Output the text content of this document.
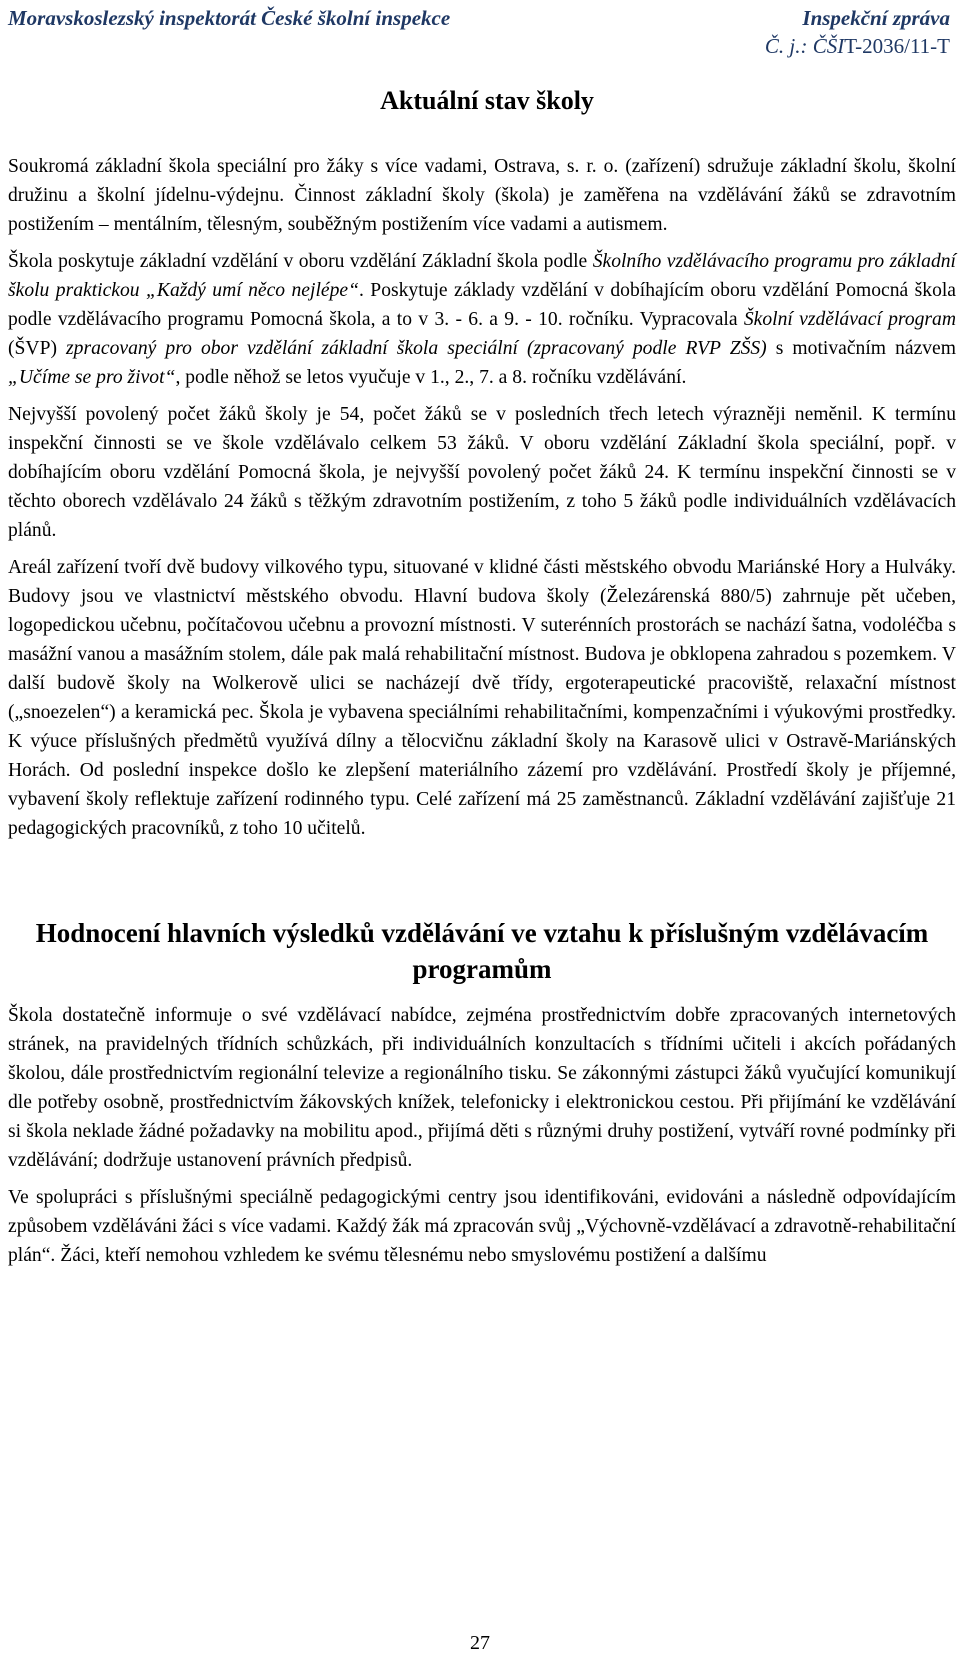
Moravskoslezský inspektorát České školní inspekce	Inspekční zpráva
Č. j.: ČŠIT-2036/11-T
Aktuální stav školy

Soukromá základní škola speciální pro žáky s více vadami, Ostrava, s. r. o. (zařízení) sdružuje základní školu, školní družinu a školní jídelnu-výdejnu. Činnost základní školy (škola) je zaměřena na vzdělávání žáků se zdravotním postižením – mentálním, tělesným, souběžným postižením více vadami a autismem.

Škola poskytuje základní vzdělání v oboru vzdělání Základní škola podle Školního vzdělávacího programu pro základní školu praktickou „Každý umí něco nejlépe“. Poskytuje základy vzdělání v dobíhajícím oboru vzdělání Pomocná škola podle vzdělávacího programu Pomocná škola, a to v 3. - 6. a 9. - 10. ročníku. Vypracovala Školní vzdělávací program (ŠVP) zpracovaný pro obor vzdělání základní škola speciální (zpracovaný podle RVP ZŠS) s motivačním názvem „Učíme se pro život“, podle něhož se letos vyučuje v 1., 2., 7. a 8. ročníku vzdělávání.

Nejvyšší povolený počet žáků školy je 54, počet žáků se v posledních třech letech výrazněji neměnil. K termínu inspekční činnosti se ve škole vzdělávalo celkem 53 žáků. V oboru vzdělání Základní škola speciální, popř. v dobíhajícím oboru vzdělání Pomocná škola, je nejvyšší povolený počet žáků 24. K termínu inspekční činnosti se v těchto oborech vzdělávalo 24 žáků s těžkým zdravotním postižením, z toho 5 žáků podle individuálních vzdělávacích plánů.

Areál zařízení tvoří dvě budovy vilkového typu, situované v klidné části městského obvodu Mariánské Hory a Hulváky. Budovy jsou ve vlastnictví městského obvodu. Hlavní budova školy (Železárenská 880/5) zahrnuje pět učeben, logopedickou učebnu, počítačovou učebnu a provozní místnosti. V suterénních prostorách se nachází šatna, vodoléčba s masážní vanou a masážním stolem, dále pak malá rehabilitační místnost. Budova je obklopena zahradou s pozemkem. V další budově školy na Wolkerově ulici se nacházejí dvě třídy, ergoterapeutické pracoviště, relaxační místnost („snoezelen“) a keramická pec. Škola je vybavena speciálními rehabilitačními, kompenzačními i výukovými prostředky. K výuce příslušných předmětů využívá dílny a tělocvičnu základní školy na Karasově ulici v Ostravě-Mariánských Horách. Od poslední inspekce došlo ke zlepšení materiálního zázemí pro vzdělávání. Prostředí školy je příjemné, vybavení školy reflektuje zařízení rodinného typu. Celé zařízení má 25 zaměstnanců. Základní vzdělávání zajišťuje 21 pedagogických pracovníků, z toho 10 učitelů.

Hodnocení hlavních výsledků vzdělávání ve vztahu k příslušným vzdělávacím programům

Škola dostatečně informuje o své vzdělávací nabídce, zejména prostřednictvím dobře zpracovaných internetových stránek, na pravidelných třídních schůzkách, při individuálních konzultacích s třídními učiteli i akcích pořádaných školou, dále prostřednictvím regionální televize a regionálního tisku. Se zákonnými zástupci žáků vyučující komunikují dle potřeby osobně, prostřednictvím žákovských knížek, telefonicky i elektronickou cestou. Při přijímání ke vzdělávání si škola neklade žádné požadavky na mobilitu apod., přijímá děti s různými druhy postižení, vytváří rovné podmínky při vzdělávání; dodržuje ustanovení právních předpisů.

Ve spolupráci s příslušnými speciálně pedagogickými centry jsou identifikováni, evidováni a následně odpovídajícím způsobem vzděláváni žáci s více vadami. Každý žák má zpracován svůj „Výchovně-vzdělávací a zdravotně-rehabilitační plán“. Žáci, kteří nemohou vzhledem ke svému tělesnému nebo smyslovému postižení a dalšímu

27
